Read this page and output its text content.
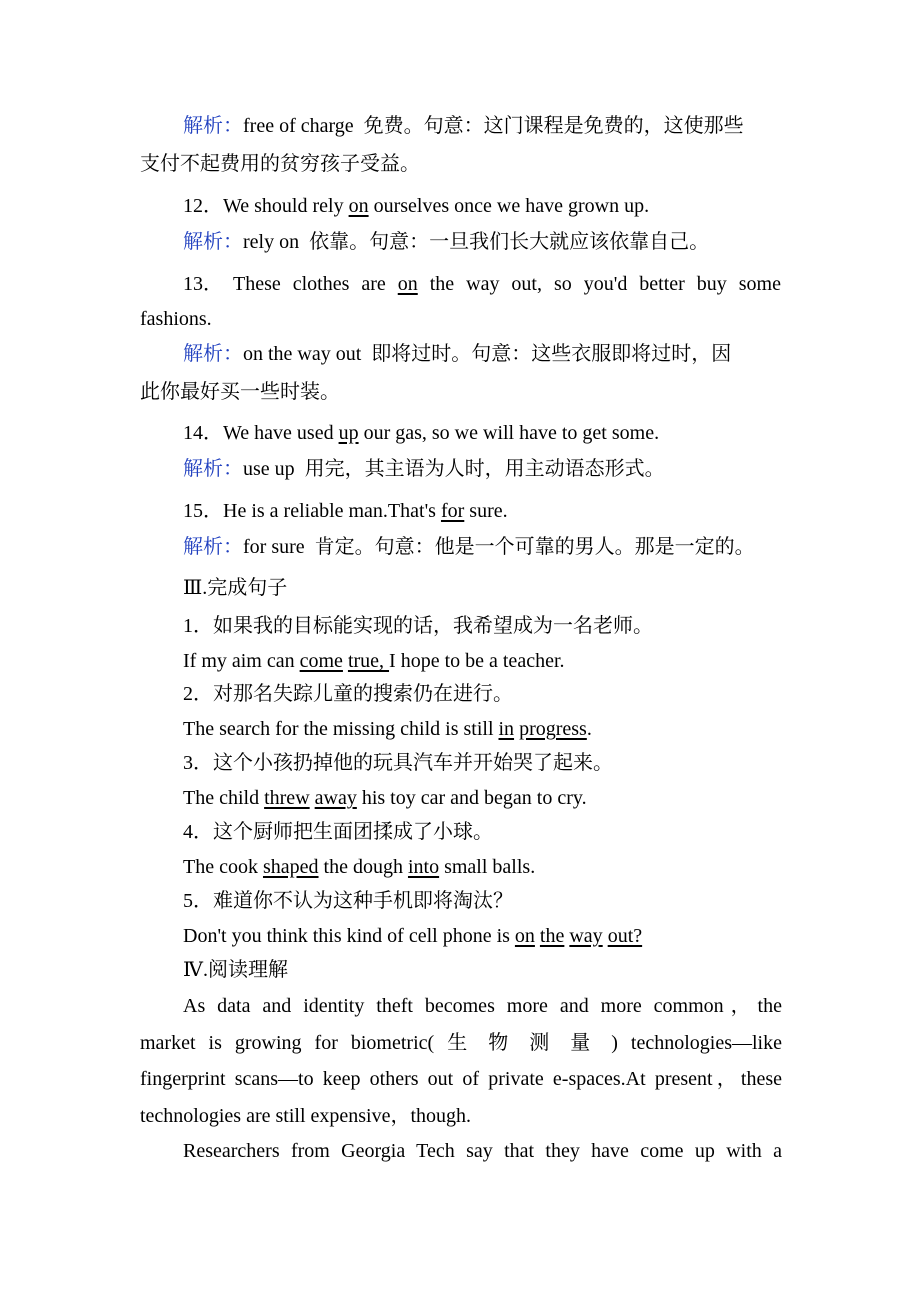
解析：free of charge 免费。句意：这门课程是免费的，这使那些
支付不起费用的贫穷孩子受益。
12．We should rely on ourselves once we have grown up.
解析：rely on 依靠。句意：一旦我们长大就应该依靠自己。
13． These clothes are on the way out, so you'd better buy some
fashions.
解析：on the way out 即将过时。句意：这些衣服即将过时，因
此你最好买一些时装。
14．We have used up our gas, so we will have to get some.
解析：use up 用完，其主语为人时，用主动语态形式。
15．He is a reliable man.That's for sure.
解析：for sure 肯定。句意：他是一个可靠的男人。那是一定的。
Ⅲ.完成句子
1．如果我的目标能实现的话，我希望成为一名老师。
If my aim can come true, I hope to be a teacher.
2．对那名失踪儿童的搜索仍在进行。
The search for the missing child is still in progress.
3．这个小孩扔掉他的玩具汽车并开始哭了起来。
The child threw away his toy car and began to cry.
4．这个厨师把生面团揉成了小球。
The cook shaped the dough into small balls.
5．难道你不认为这种手机即将淘汰？
Don't you think this kind of cell phone is on the way out?
Ⅳ.阅读理解
As data and identity theft becomes more and more common，the
market is growing for biometric( 生 物 测 量 ) technologies—like
fingerprint scans—to keep others out of private e-spaces.At present，these
technologies are still expensive，though.
Researchers from Georgia Tech say that they have come up with a
